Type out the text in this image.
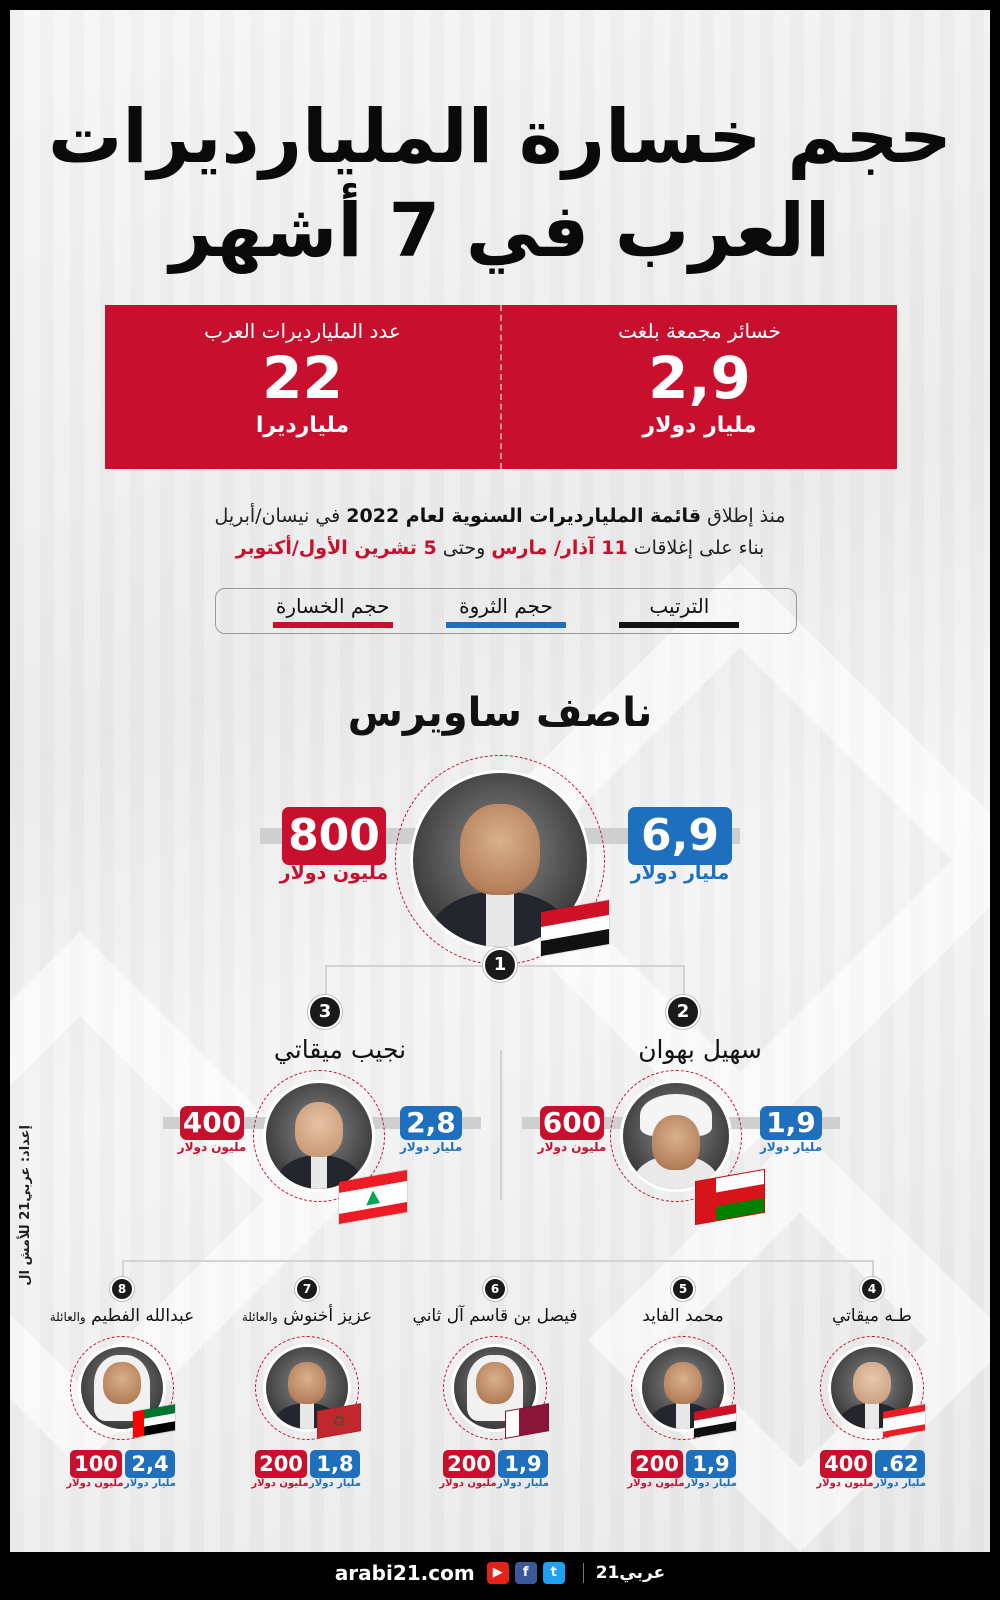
حجم خسارة المليارديرات
العرب في 7 أشهر
خسائر مجمعة بلغت
2,9
مليار دولار
عدد المليارديرات العرب
22
مليارديرا
منذ إطلاق قائمة المليارديرات السنوية لعام 2022 في نيسان/أبريل
بناء على إغلاقات 11 آذار/ مارس وحتى 5 تشرين الأول/أكتوبر
الترتيب
حجم الثروة
حجم الخسارة
ناصف ساويرس
1
6,9
مليار دولار
800
مليون دولار
2
سهيل بهوان
1,9
مليار دولار
600
مليون دولار
3
نجيب ميقاتي
▲
2,8
مليار دولار
400
مليون دولار
4
طـه ميقاتي
62.
مليار دولار
400
مليون دولار
5
محمد الفايد
1,9
مليار دولار
200
مليون دولار
6
فيصل بن قاسم آل ثاني
1,9
مليار دولار
200
مليون دولار
7
عزيز أخنوش والعائلة
✩
1,8
مليار دولار
200
مليون دولار
8
عبدالله الفطيم والعائلة
2,4
مليار دولار
100
مليون دولار
إعداد: عربي21 للأمش ال
arabi21.com	▶	f	t	عربي21
